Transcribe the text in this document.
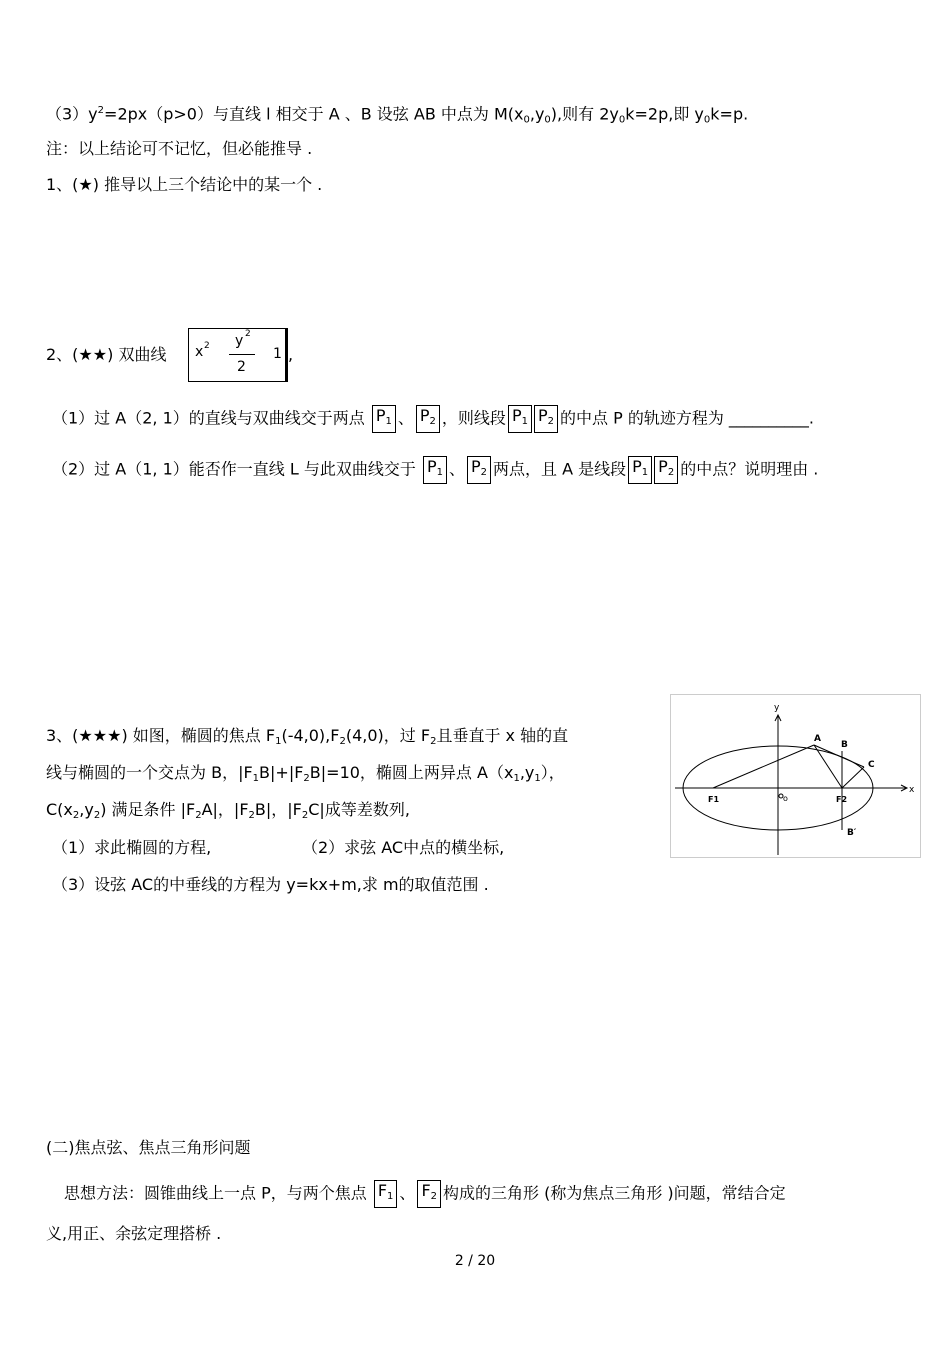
$(3)y^2=2px(p>0)$与直线 l 相交于 A 、B 设弦 AB 中点为 $M(x_0,y_0)$,则有 $2y_0k=2p$,即 $y_0k=p$.
注：以上结论可不记忆，但必能推导 .
1、(★) 推导以上三个结论中的某一个 .
2、(★★) 双曲线 x 2 y 2
2
1 ,
（1）过 A（2, 1）的直线与双曲线交于两点 $P_1$ 、 $P_2$ ，则线段 $P_1$ $P_2$ 的中点 P 的轨迹方程为 __________.
（2）过 A（1, 1）能否作一直线 L 与此双曲线交于 $P_1$ 、 $P_2$ 两点，且 A 是线段 $P_1$ $P_2$ 的中点？说明理由 .
3、(★★★) 如图，椭圆的焦点 $F_1(-4,0),F_2(4,0)$，过 $F_2$且垂直于 x 轴的直
线与椭圆的一个交点为 B，$|F_1B|+|F_2B|=10$，椭圆上两异点 $A(x_1,y_1)$，
$C(x_2,y_2)$ 满足条件 $|F_2A|$，$|F_2B|$，$|F_2C|$成等差数列,
（1）求此椭圆的方程,	（2）求弦 AC中点的横坐标,
（3）设弦 AC的中垂线的方程为 y=kx+m,求 m的取值范围 .
y
x
o
A
B
C
F1	F2
B′
(二)焦点弦、焦点三角形问题
思想方法：圆锥曲线上一点 P，与两个焦点 $F_1$ 、 $F_2$ 构成的三角形 (称为焦点三角形 )问题，常结合定
义,用正、余弦定理搭桥 .
2 / 20
